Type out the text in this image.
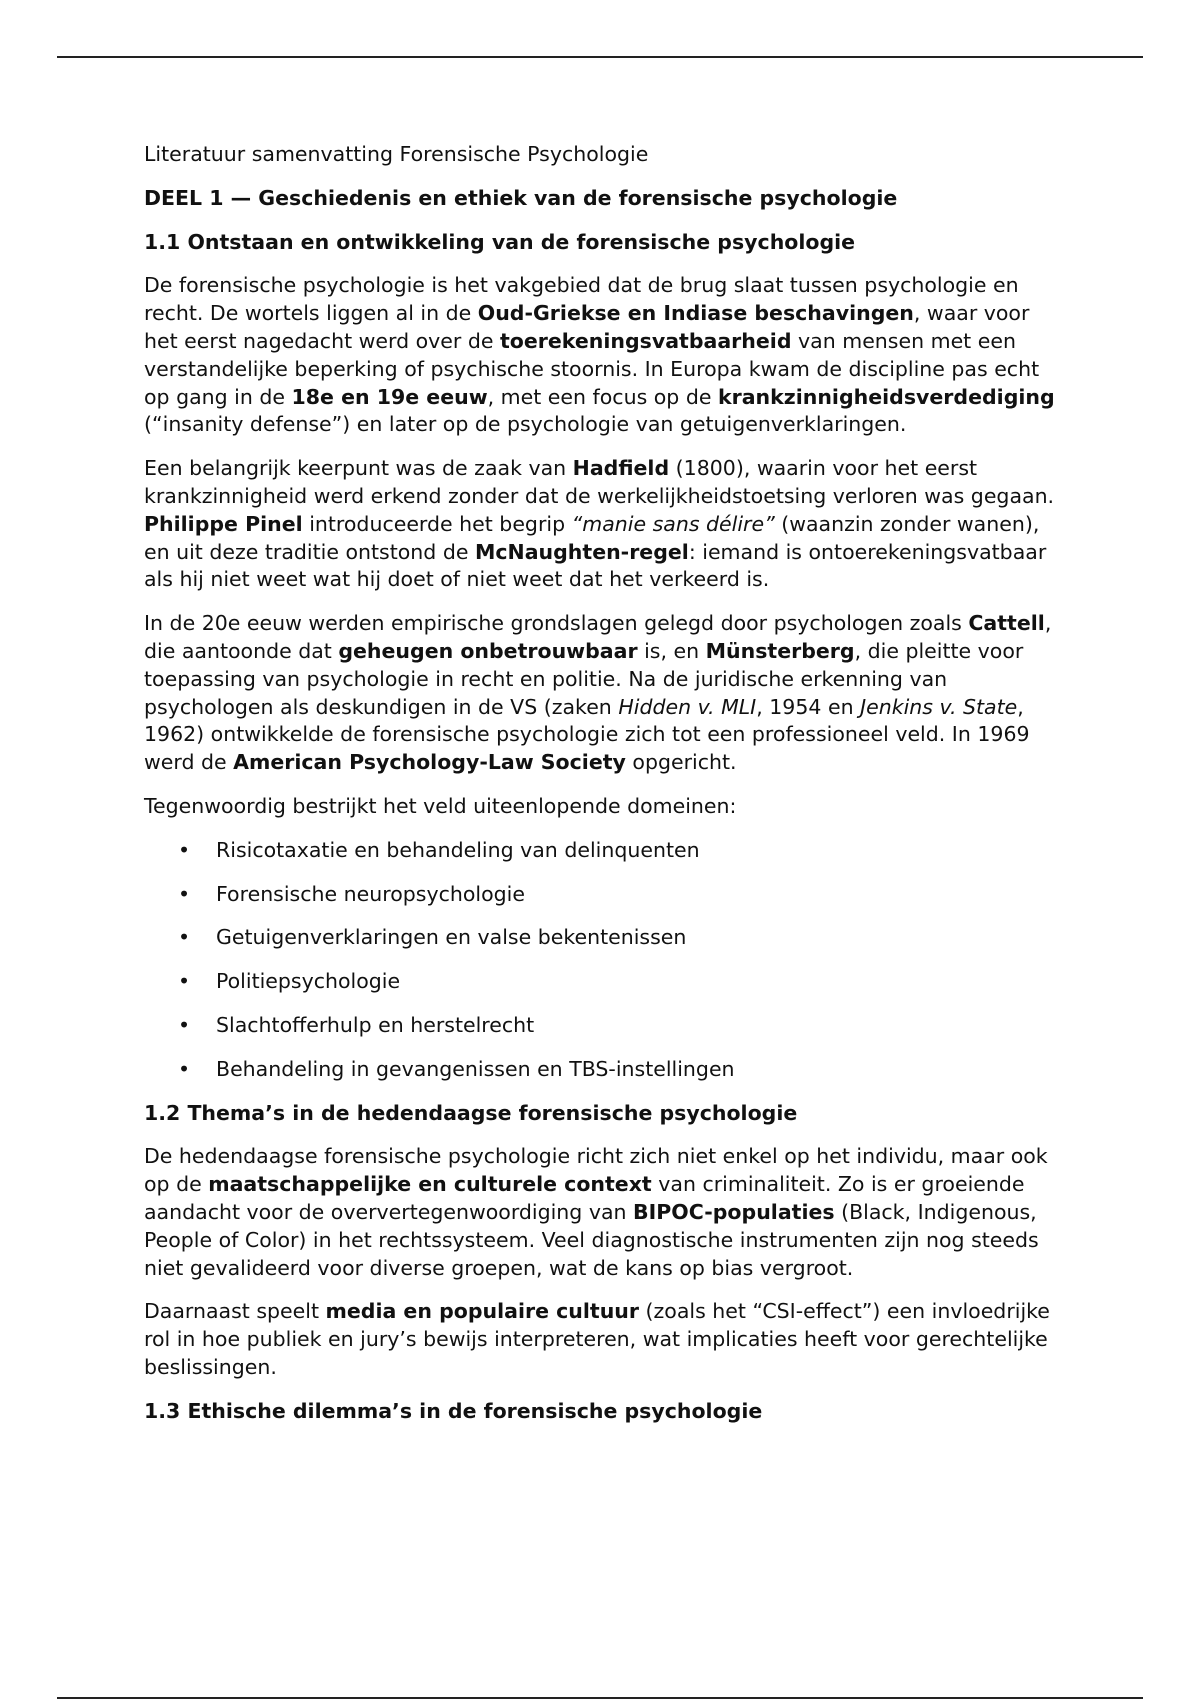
Literatuur samenvatting Forensische Psychologie

DEEL 1 — Geschiedenis en ethiek van de forensische psychologie
1.1 Ontstaan en ontwikkeling van de forensische psychologie

De forensische psychologie is het vakgebied dat de brug slaat tussen psychologie en recht. De wortels liggen al in de Oud-Griekse en Indiase beschavingen, waar voor het eerst nagedacht werd over de toerekeningsvatbaarheid van mensen met een verstandelijke beperking of psychische stoornis. In Europa kwam de discipline pas echt op gang in de 18e en 19e eeuw, met een focus op de krankzinnigheidsverdediging (“insanity defense”) en later op de psychologie van getuigenverklaringen.

Een belangrijk keerpunt was de zaak van Hadfield (1800), waarin voor het eerst krankzinnigheid werd erkend zonder dat de werkelijkheidstoetsing verloren was gegaan. Philippe Pinel introduceerde het begrip “manie sans délire” (waanzin zonder wanen), en uit deze traditie ontstond de McNaughten-regel: iemand is ontoerekeningsvatbaar als hij niet weet wat hij doet of niet weet dat het verkeerd is.

In de 20e eeuw werden empirische grondslagen gelegd door psychologen zoals Cattell, die aantoonde dat geheugen onbetrouwbaar is, en Münsterberg, die pleitte voor toepassing van psychologie in recht en politie. Na de juridische erkenning van psychologen als deskundigen in de VS (zaken Hidden v. MLI, 1954 en Jenkins v. State, 1962) ontwikkelde de forensische psychologie zich tot een professioneel veld. In 1969 werd de American Psychology-Law Society opgericht.

Tegenwoordig bestrijkt het veld uiteenlopende domeinen:

• Risicotaxatie en behandeling van delinquenten
• Forensische neuropsychologie
• Getuigenverklaringen en valse bekentenissen
• Politiepsychologie
• Slachtofferhulp en herstelrecht
• Behandeling in gevangenissen en TBS-instellingen
1.2 Thema’s in de hedendaagse forensische psychologie

De hedendaagse forensische psychologie richt zich niet enkel op het individu, maar ook op de maatschappelijke en culturele context van criminaliteit. Zo is er groeiende aandacht voor de oververtegenwoordiging van BIPOC-populaties (Black, Indigenous, People of Color) in het rechtssysteem. Veel diagnostische instrumenten zijn nog steeds niet gevalideerd voor diverse groepen, wat de kans op bias vergroot.

Daarnaast speelt media en populaire cultuur (zoals het “CSI-effect”) een invloedrijke rol in hoe publiek en jury’s bewijs interpreteren, wat implicaties heeft voor gerechtelijke beslissingen.

1.3 Ethische dilemma’s in de forensische psychologie
